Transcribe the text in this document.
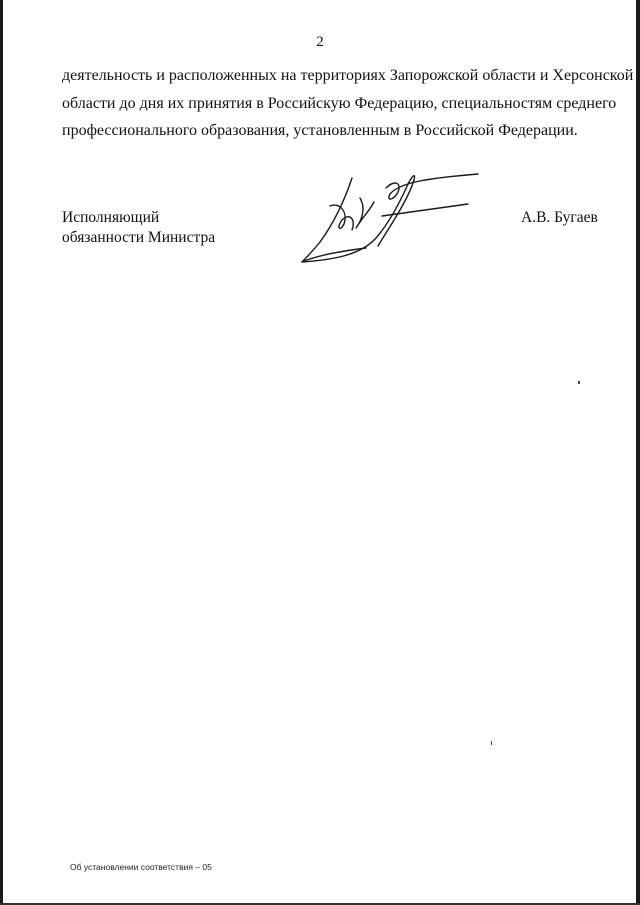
2
деятельность и расположенных на территориях Запорожской области и Херсонской
области до дня их принятия в Российскую Федерацию, специальностям среднего
профессионального образования, установленным в Российской Федерации.
Исполняющий
обязанности Министра
А.В. Бугаев
Об установлении соответствия – 05
